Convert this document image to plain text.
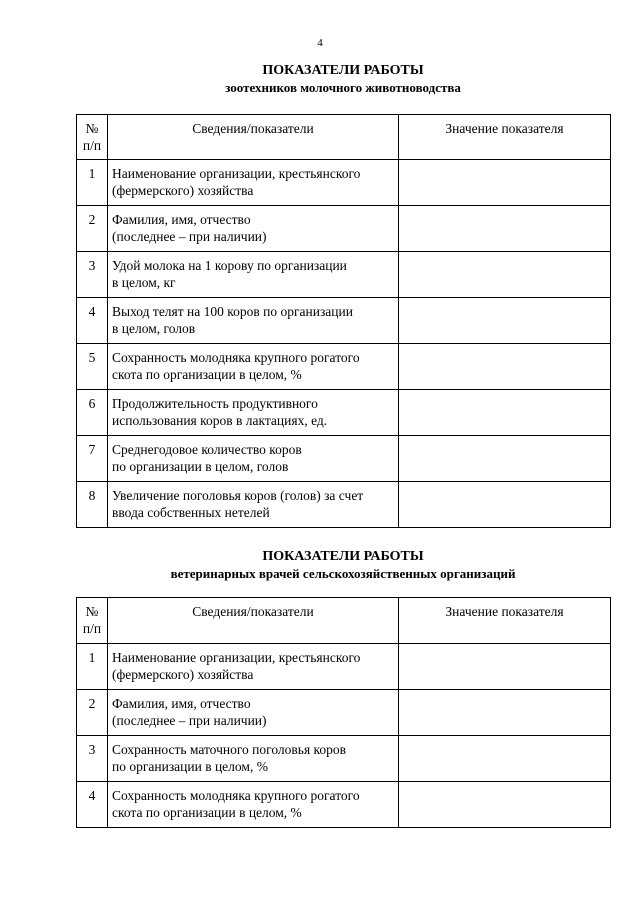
4
ПОКАЗАТЕЛИ РАБОТЫ
зоотехников молочного животноводства
№
п/п	Сведения/показатели	Значение показателя
1	Наименование организации, крестьянского
(фермерского) хозяйства	

2	Фамилия, имя, отчество
(последнее – при наличии)	

3	Удой молока на 1 корову по организации
в целом, кг	

4	Выход телят на 100 коров по организации
в целом, голов	

5	Сохранность молодняка крупного рогатого
скота по организации в целом, %	

6	Продолжительность продуктивного
использования коров в лактациях, ед.	

7	Среднегодовое количество коров
по организации в целом, голов	

8	Увеличение поголовья коров (голов) за счет
ввода собственных нетелей	

ПОКАЗАТЕЛИ РАБОТЫ
ветеринарных врачей сельскохозяйственных организаций
№
п/п	Сведения/показатели	Значение показателя
1	Наименование организации, крестьянского
(фермерского) хозяйства	

2	Фамилия, имя, отчество
(последнее – при наличии)	

3	Сохранность маточного поголовья коров
по организации в целом, %	

4	Сохранность молодняка крупного рогатого
скота по организации в целом, %	
